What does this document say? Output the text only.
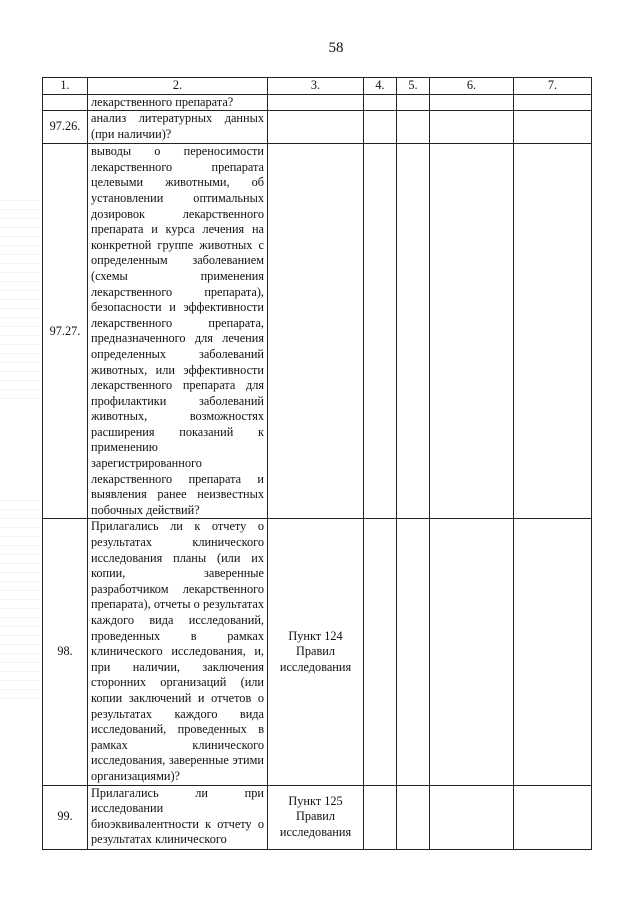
58
1.	2.	3.	4.	5.	6.	7.

	лекарственного препарата?					

97.26.	анализ литературных данных (при наличии)?					

97.27.	выводы о переносимости лекарственного препарата целевыми животными, об установлении оптимальных дозировок лекарственного препарата и курса лечения на конкретной группе животных с определенным заболеванием (схемы применения лекарственного препарата), безопасности и эффективности лекарственного препарата, предназначенного для лечения определенных заболеваний животных, или эффективности лекарственного препарата для профилактики заболеваний животных, возможностях расширения показаний к применению зарегистрированного лекарственного препарата и выявления ранее неизвестных побочных действий?					

98.	Прилагались ли к отчету о результатах клинического исследования планы (или их копии, заверенные разработчиком лекарственного препарата), отчеты о результатах каждого вида исследований, проведенных в рамках клинического исследования, и, при наличии, заключения сторонних организаций (или копии заключений и отчетов о результатах каждого вида исследований, проведенных в рамках клинического исследования, заверенные этими организациями)?	Пункт 124 Правил исследования				
99.	Прилагались ли при исследовании биоэквивалентности к отчету о результатах клинического	Пункт 125 Правил исследования				
